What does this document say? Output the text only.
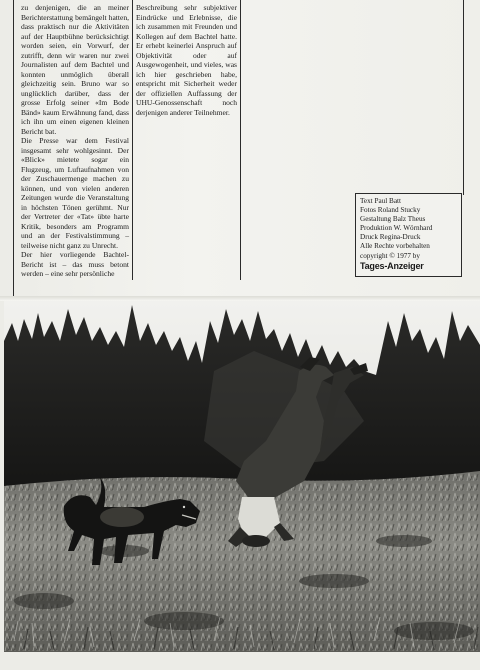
zu denjenigen, die an meiner Berichterstattung bemängelt hatten, dass praktisch nur die Aktivitäten auf der Hauptbühne berücksichtigt worden seien, ein Vorwurf, der zutrifft, denn wir waren nur zwei Journalisten auf dem Bachtel und konnten unmöglich überall gleichzeitig sein. Bruno war so unglücklich darüber, dass der grosse Erfolg seiner «Im Bode Bänd» kaum Erwähnung fand, dass ich ihn um einen eigenen kleinen Bericht bat.

Die Presse war dem Festival insgesamt sehr wohlgesinnt. Der «Blick» mietete sogar ein Flugzeug, um Luftaufnahmen von der Zuschauermenge machen zu können, und von vielen anderen Zeitungen wurde die Veranstaltung in höchsten Tönen gerühmt. Nur der Vertreter der «Tat» übte harte Kritik, besonders am Programm und an der Festivalstimmung – teilweise nicht ganz zu Unrecht.

Der hier vorliegende Bachtel-Bericht ist – das muss betont werden – eine sehr persönliche

Beschreibung sehr subjektiver Eindrücke und Erlebnisse, die ich zusammen mit Freunden und Kollegen auf dem Bachtel hatte. Er erhebt keinerlei Anspruch auf Objektivität oder auf Ausgewogenheit, und vieles, was ich hier geschrieben habe, entspricht mit Sicherheit weder der offiziellen Auffassung der UHU-Genossenschaft noch derjenigen anderer Teilnehmer.

Text Paul Batt
Fotos Roland Stucky
Gestaltung Balz Theus
Produktion W. Wörnhard
Druck Regina-Druck
Alle Rechte vorbehalten
copyright © 1977 by
Tages-Anzeiger
